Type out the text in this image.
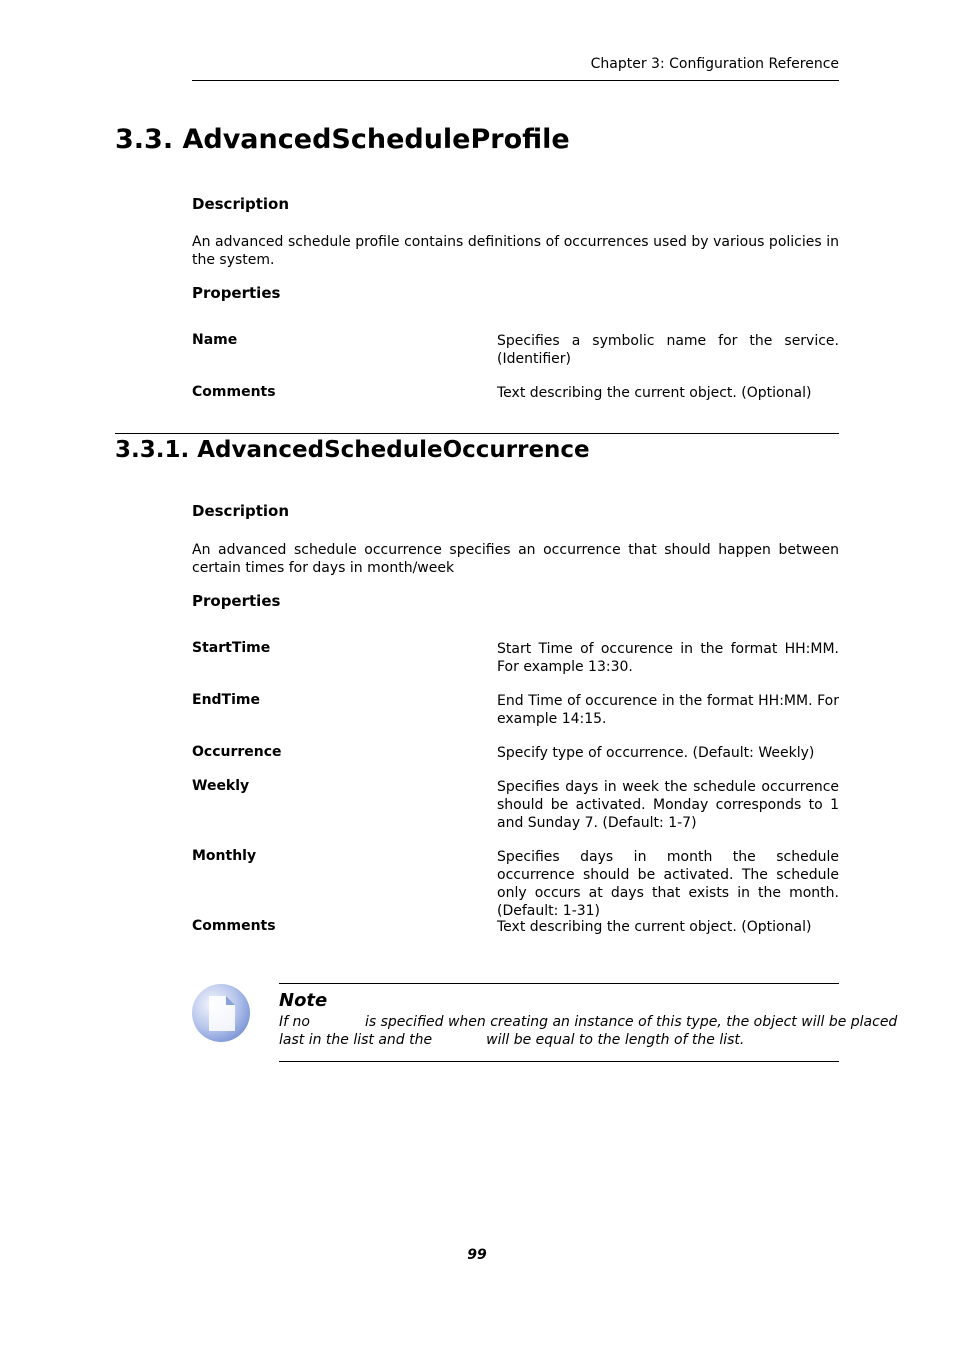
Chapter 3: Configuration Reference
3.3. AdvancedScheduleProfile
Description
An advanced schedule profile contains definitions of occurrences used by various policies in the system.
Properties
Name	Specifies a symbolic name for the service. (Identifier)
Comments	Text describing the current object. (Optional)
3.3.1. AdvancedScheduleOccurrence
Description
An advanced schedule occurrence specifies an occurrence that should happen between certain times for days in month/week
Properties
StartTime	Start Time of occurence in the format HH:MM. For example 13:30.
EndTime	End Time of occurence in the format HH:MM. For example 14:15.
Occurrence	Specify type of occurrence. (Default: Weekly)
Weekly	Specifies days in week the schedule occurrence should be activated. Monday corresponds to 1 and Sunday 7. (Default: 1-7)
Monthly	Specifies days in month the schedule occurrence should be activated. The schedule only occurs at days that exists in the month. (Default: 1-31)
Comments	Text describing the current object. (Optional)
Note
If no	is specified when creating an instance of this type, the object will be placed
last in the list and the	will be equal to the length of the list.
99
